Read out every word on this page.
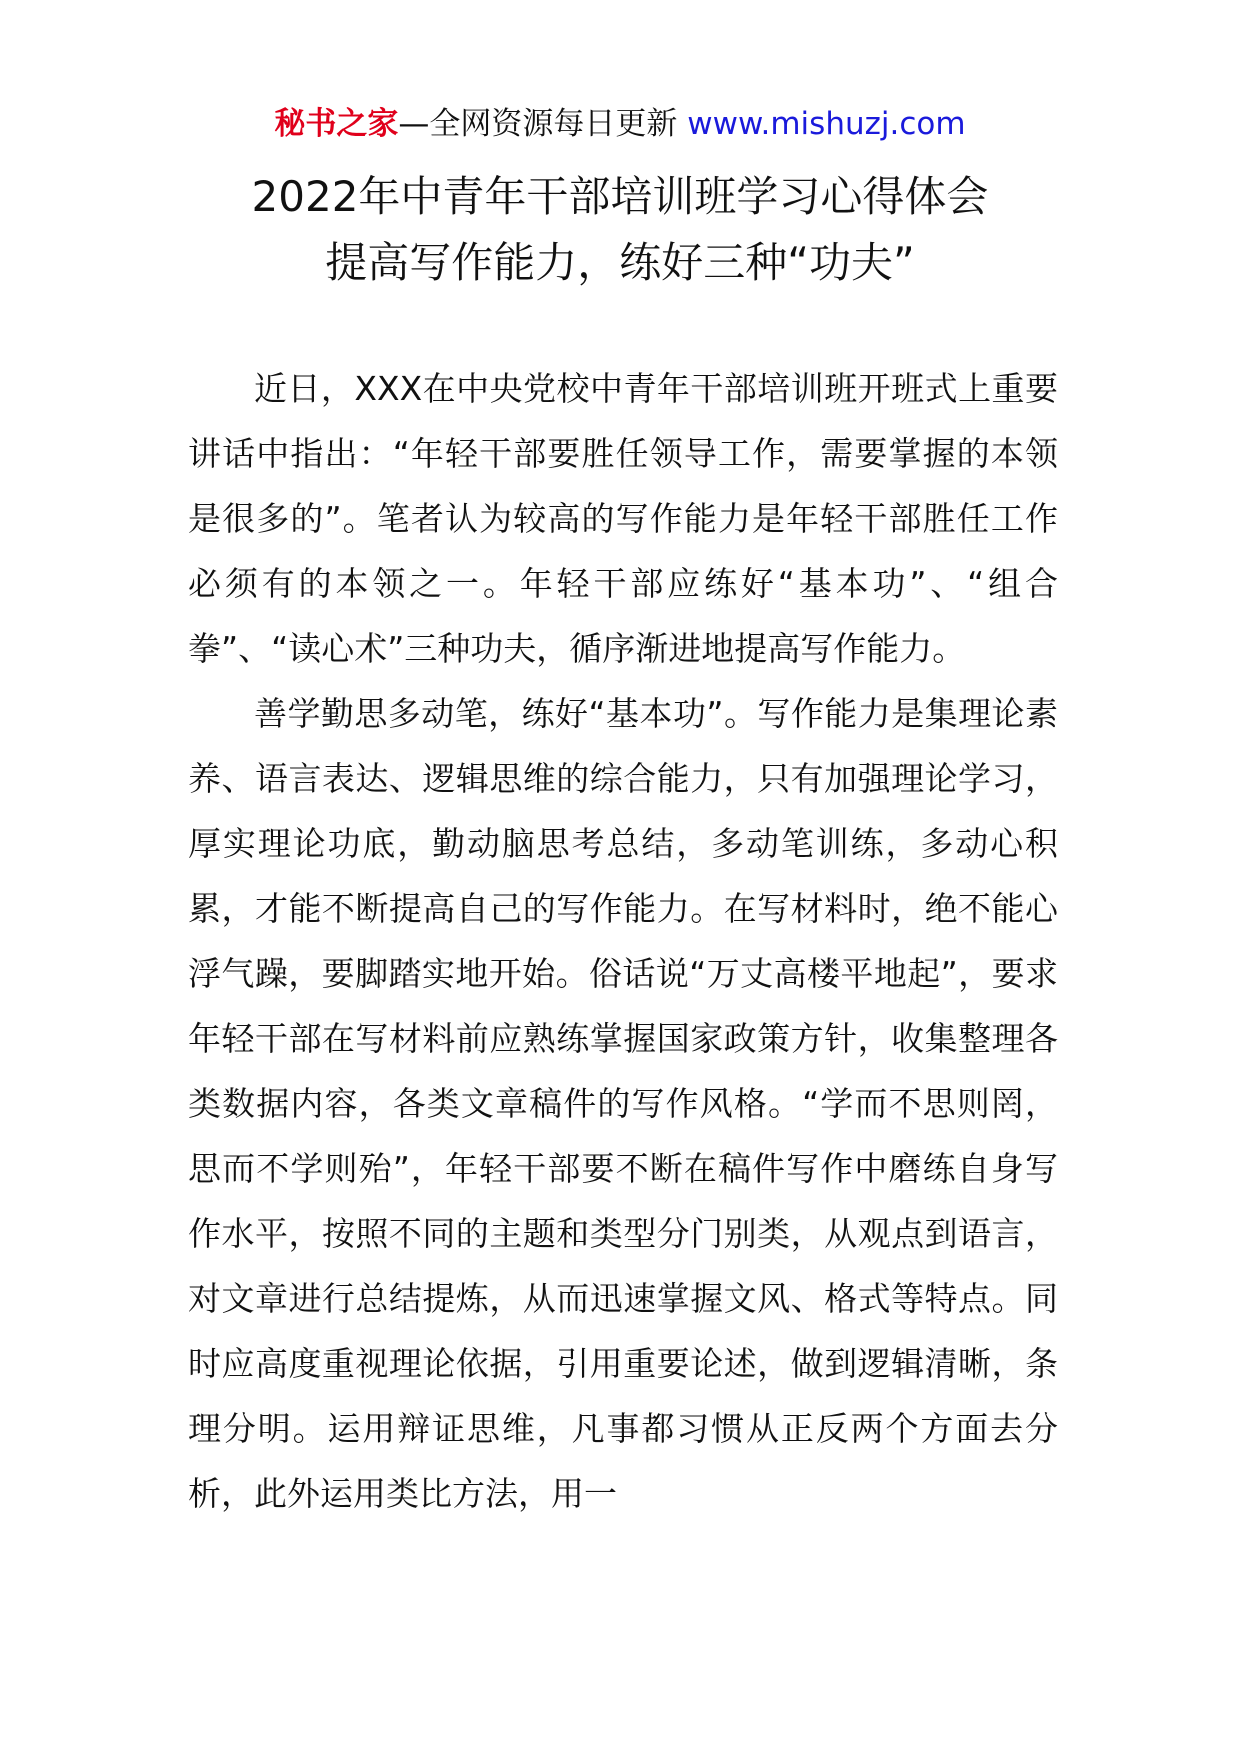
秘书之家—全网资源每日更新 www.mishuzj.com
2022年中青年干部培训班学习心得体会
提高写作能力，练好三种“功夫”

近日，XXX在中央党校中青年干部培训班开班式上重要讲话中指出：“年轻干部要胜任领导工作，需要掌握的本领是很多的”。笔者认为较高的写作能力是年轻干部胜任工作必须有的本领之一。年轻干部应练好“基本功”、“组合拳”、“读心术”三种功夫，循序渐进地提高写作能力。

善学勤思多动笔，练好“基本功”。写作能力是集理论素养、语言表达、逻辑思维的综合能力，只有加强理论学习，厚实理论功底，勤动脑思考总结，多动笔训练，多动心积累，才能不断提高自己的写作能力。在写材料时，绝不能心浮气躁，要脚踏实地开始。俗话说“万丈高楼平地起”，要求年轻干部在写材料前应熟练掌握国家政策方针，收集整理各类数据内容，各类文章稿件的写作风格。“学而不思则罔，思而不学则殆”，年轻干部要不断在稿件写作中磨练自身写作水平，按照不同的主题和类型分门别类，从观点到语言，对文章进行总结提炼，从而迅速掌握文风、格式等特点。同时应高度重视理论依据，引用重要论述，做到逻辑清晰，条理分明。运用辩证思维，凡事都习惯从正反两个方面去分析，此外运用类比方法，用一
